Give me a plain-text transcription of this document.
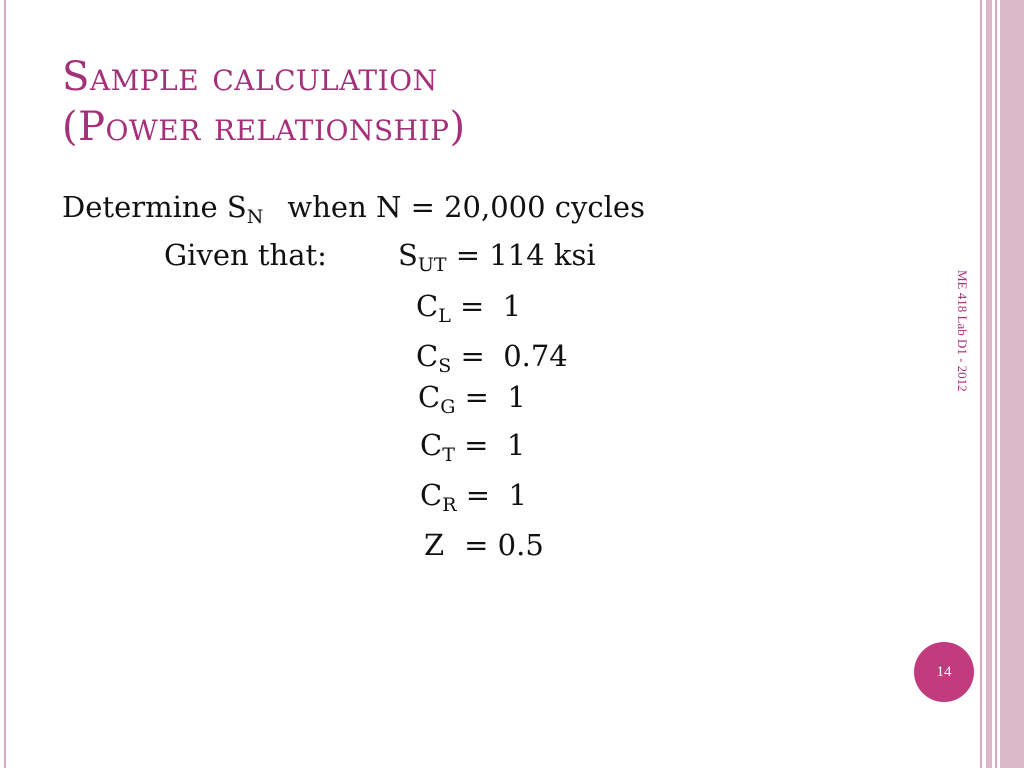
Sample calculation
(Power relationship)
Determine $S_N$ when N = 20,000 cycles
Given that: $S_{UT} = 114$ ksi
$C_L = 1$
$C_S = 0.74$
$C_G = 1$
$C_T = 1$
$C_R = 1$
Z = 0.5
ME 418 Lab D1 - 2012
14
